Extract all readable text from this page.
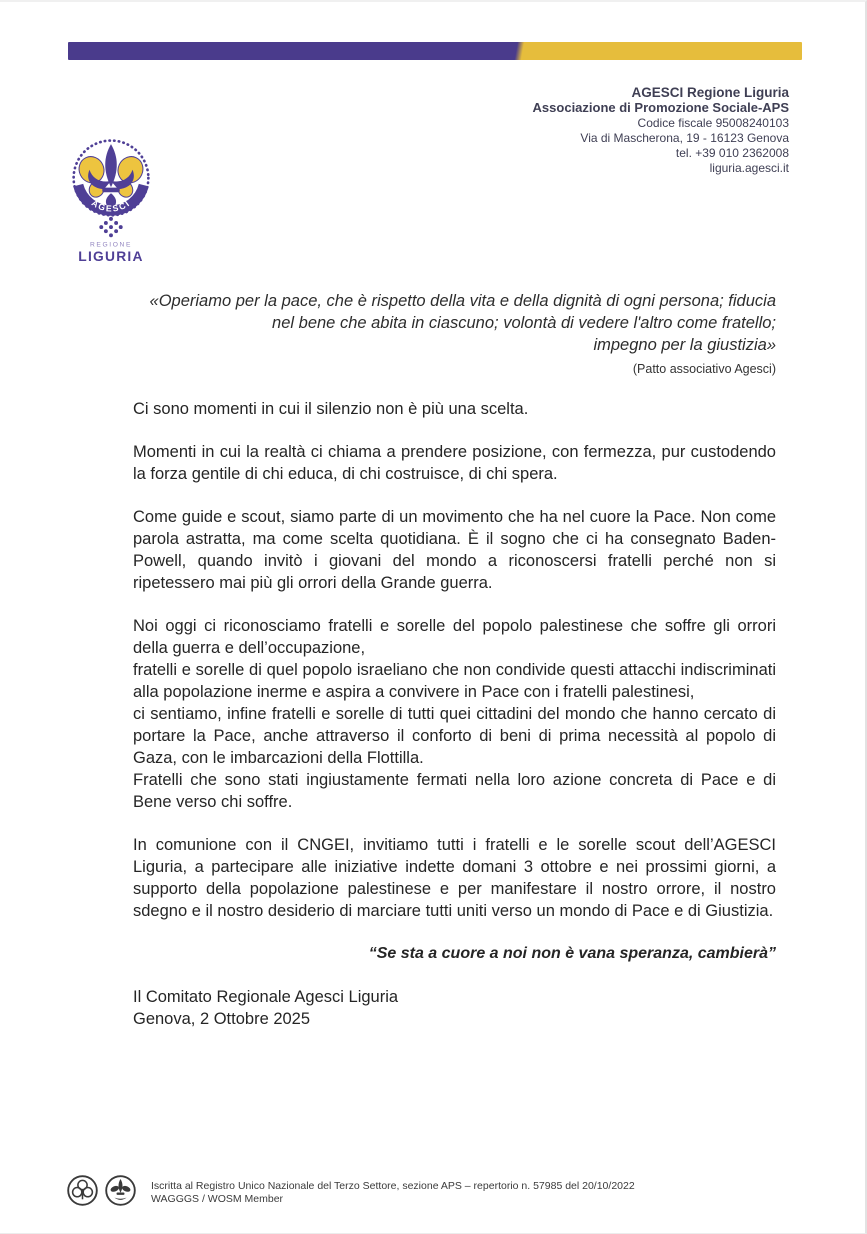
AGESCI Regione Liguria
Associazione di Promozione Sociale-APS
Codice fiscale 95008240103
Via di Mascherona, 19 - 16123 Genova
tel. +39 010 2362008
liguria.agesci.it
AGESCI
REGIONE
LIGURIA
«Operiamo per la pace, che è rispetto della vita e della dignità di ogni persona; fiducia
nel bene che abita in ciascuno; volontà di vedere l'altro come fratello;
impegno per la giustizia»
(Patto associativo Agesci)

Ci sono momenti in cui il silenzio non è più una scelta.

Momenti in cui la realtà ci chiama a prendere posizione, con fermezza, pur custodendo la forza gentile di chi educa, di chi costruisce, di chi spera.

Come guide e scout, siamo parte di un movimento che ha nel cuore la Pace. Non come parola astratta, ma come scelta quotidiana. È il sogno che ci ha consegnato Baden-Powell, quando invitò i giovani del mondo a riconoscersi fratelli perché non si ripetessero mai più gli orrori della Grande guerra.

Noi oggi ci riconosciamo fratelli e sorelle del popolo palestinese che soffre gli orrori della guerra e dell’occupazione,
fratelli e sorelle di quel popolo israeliano che non condivide questi attacchi indiscriminati alla popolazione inerme e aspira a convivere in Pace con i fratelli palestinesi,
ci sentiamo, infine fratelli e sorelle di tutti quei cittadini del mondo che hanno cercato di portare la Pace, anche attraverso il conforto di beni di prima necessità al popolo di Gaza, con le imbarcazioni della Flottilla.
Fratelli che sono stati ingiustamente fermati nella loro azione concreta di Pace e di Bene verso chi soffre.

In comunione con il CNGEI, invitiamo tutti i fratelli e le sorelle scout dell’AGESCI Liguria, a partecipare alle iniziative indette domani 3 ottobre e nei prossimi giorni, a supporto della popolazione palestinese e per manifestare il nostro orrore, il nostro sdegno e il nostro desiderio di marciare tutti uniti verso un mondo di Pace e di Giustizia.

“Se sta a cuore a noi non è vana speranza, cambierà”
Il Comitato Regionale Agesci Liguria
Genova, 2 Ottobre 2025
Iscritta al Registro Unico Nazionale del Terzo Settore, sezione APS – repertorio n. 57985 del 20/10/2022
WAGGGS / WOSM Member
